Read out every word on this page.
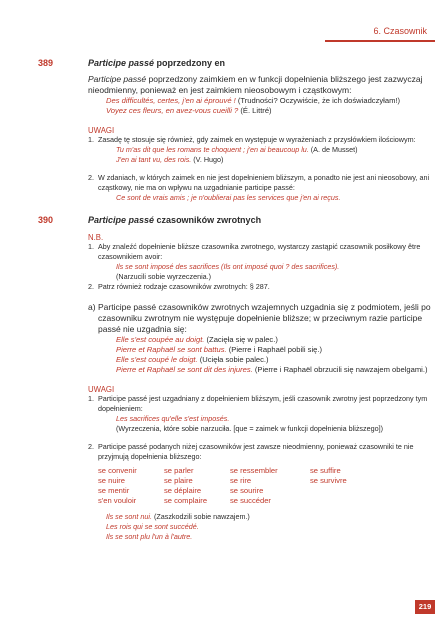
6. Czasownik
389	Participe passé poprzedzony en

Participe passé poprzedzony zaimkiem en w funkcji dopełnienia bliższego jest zazwyczaj nieodmienny, ponieważ en jest zaimkiem nieosobowym i cząstkowym:

Des difficultés, certes, j'en ai éprouvé ! (Trudności? Oczywiście, że ich doświadczyłam!)

Voyez ces fleurs, en avez-vous cueilli ? (É. Littré)

UWAGI

1. Zasadę tę stosuje się również, gdy zaimek en występuje w wyrażeniach z przysłówkiem ilościowym:

Tu m'as dit que les romans te choquent ; j'en ai beaucoup lu. (A. de Musset)

J'en ai tant vu, des rois. (V. Hugo)

2. W zdaniach, w których zaimek en nie jest dopełnieniem bliższym, a ponadto nie jest ani nieosobowy, ani cząstkowy, nie ma on wpływu na uzgadnianie participe passé:

Ce sont de vrais amis ; je n'oublierai pas les services que j'en ai reçus.

390	Participe passé czasowników zwrotnych

N.B.

1. Aby znaleźć dopełnienie bliższe czasownika zwrotnego, wystarczy zastąpić czasownik posiłkowy être czasownikiem avoir:

Ils se sont imposé des sacrifices (Ils ont imposé quoi ? des sacrifices).

(Narzucili sobie wyrzeczenia.)

2. Patrz również rodzaje czasowników zwrotnych: § 287.

a) Participe passé czasowników zwrotnych wzajemnych uzgadnia się z podmiotem, jeśli po czasowniku zwrotnym nie występuje dopełnienie bliższe; w przeciwnym razie participe passé nie uzgadnia się:

Elle s'est coupée au doigt. (Zacięła się w palec.)

Pierre et Raphaël se sont battus. (Pierre i Raphaël pobili się.)

Elle s'est coupé le doigt. (Ucięła sobie palec.)

Pierre et Raphaël se sont dit des injures. (Pierre i Raphaël obrzucili się nawzajem obelgami.)

UWAGI

1. Participe passé jest uzgadniany z dopełnieniem bliższym, jeśli czasownik zwrotny jest poprzedzony tym dopełnieniem:

Les sacrifices qu'elle s'est imposés.

(Wyrzeczenia, które sobie narzuciła. [que = zaimek w funkcji dopełnienia bliższego])

2. Participe passé podanych niżej czasowników jest zawsze nieodmienny, ponieważ czasowniki te nie przyjmują dopełnienia bliższego:

se convenir	se parler	se ressembler	se suffire
se nuire	se plaire	se rire	se survivre
se mentir	se déplaire	se sourire
s'en vouloir	se complaire	se succéder

Ils se sont nui. (Zaszkodzili sobie nawzajem.)

Les rois qui se sont succédé.

Ils se sont plu l'un à l'autre.

219
